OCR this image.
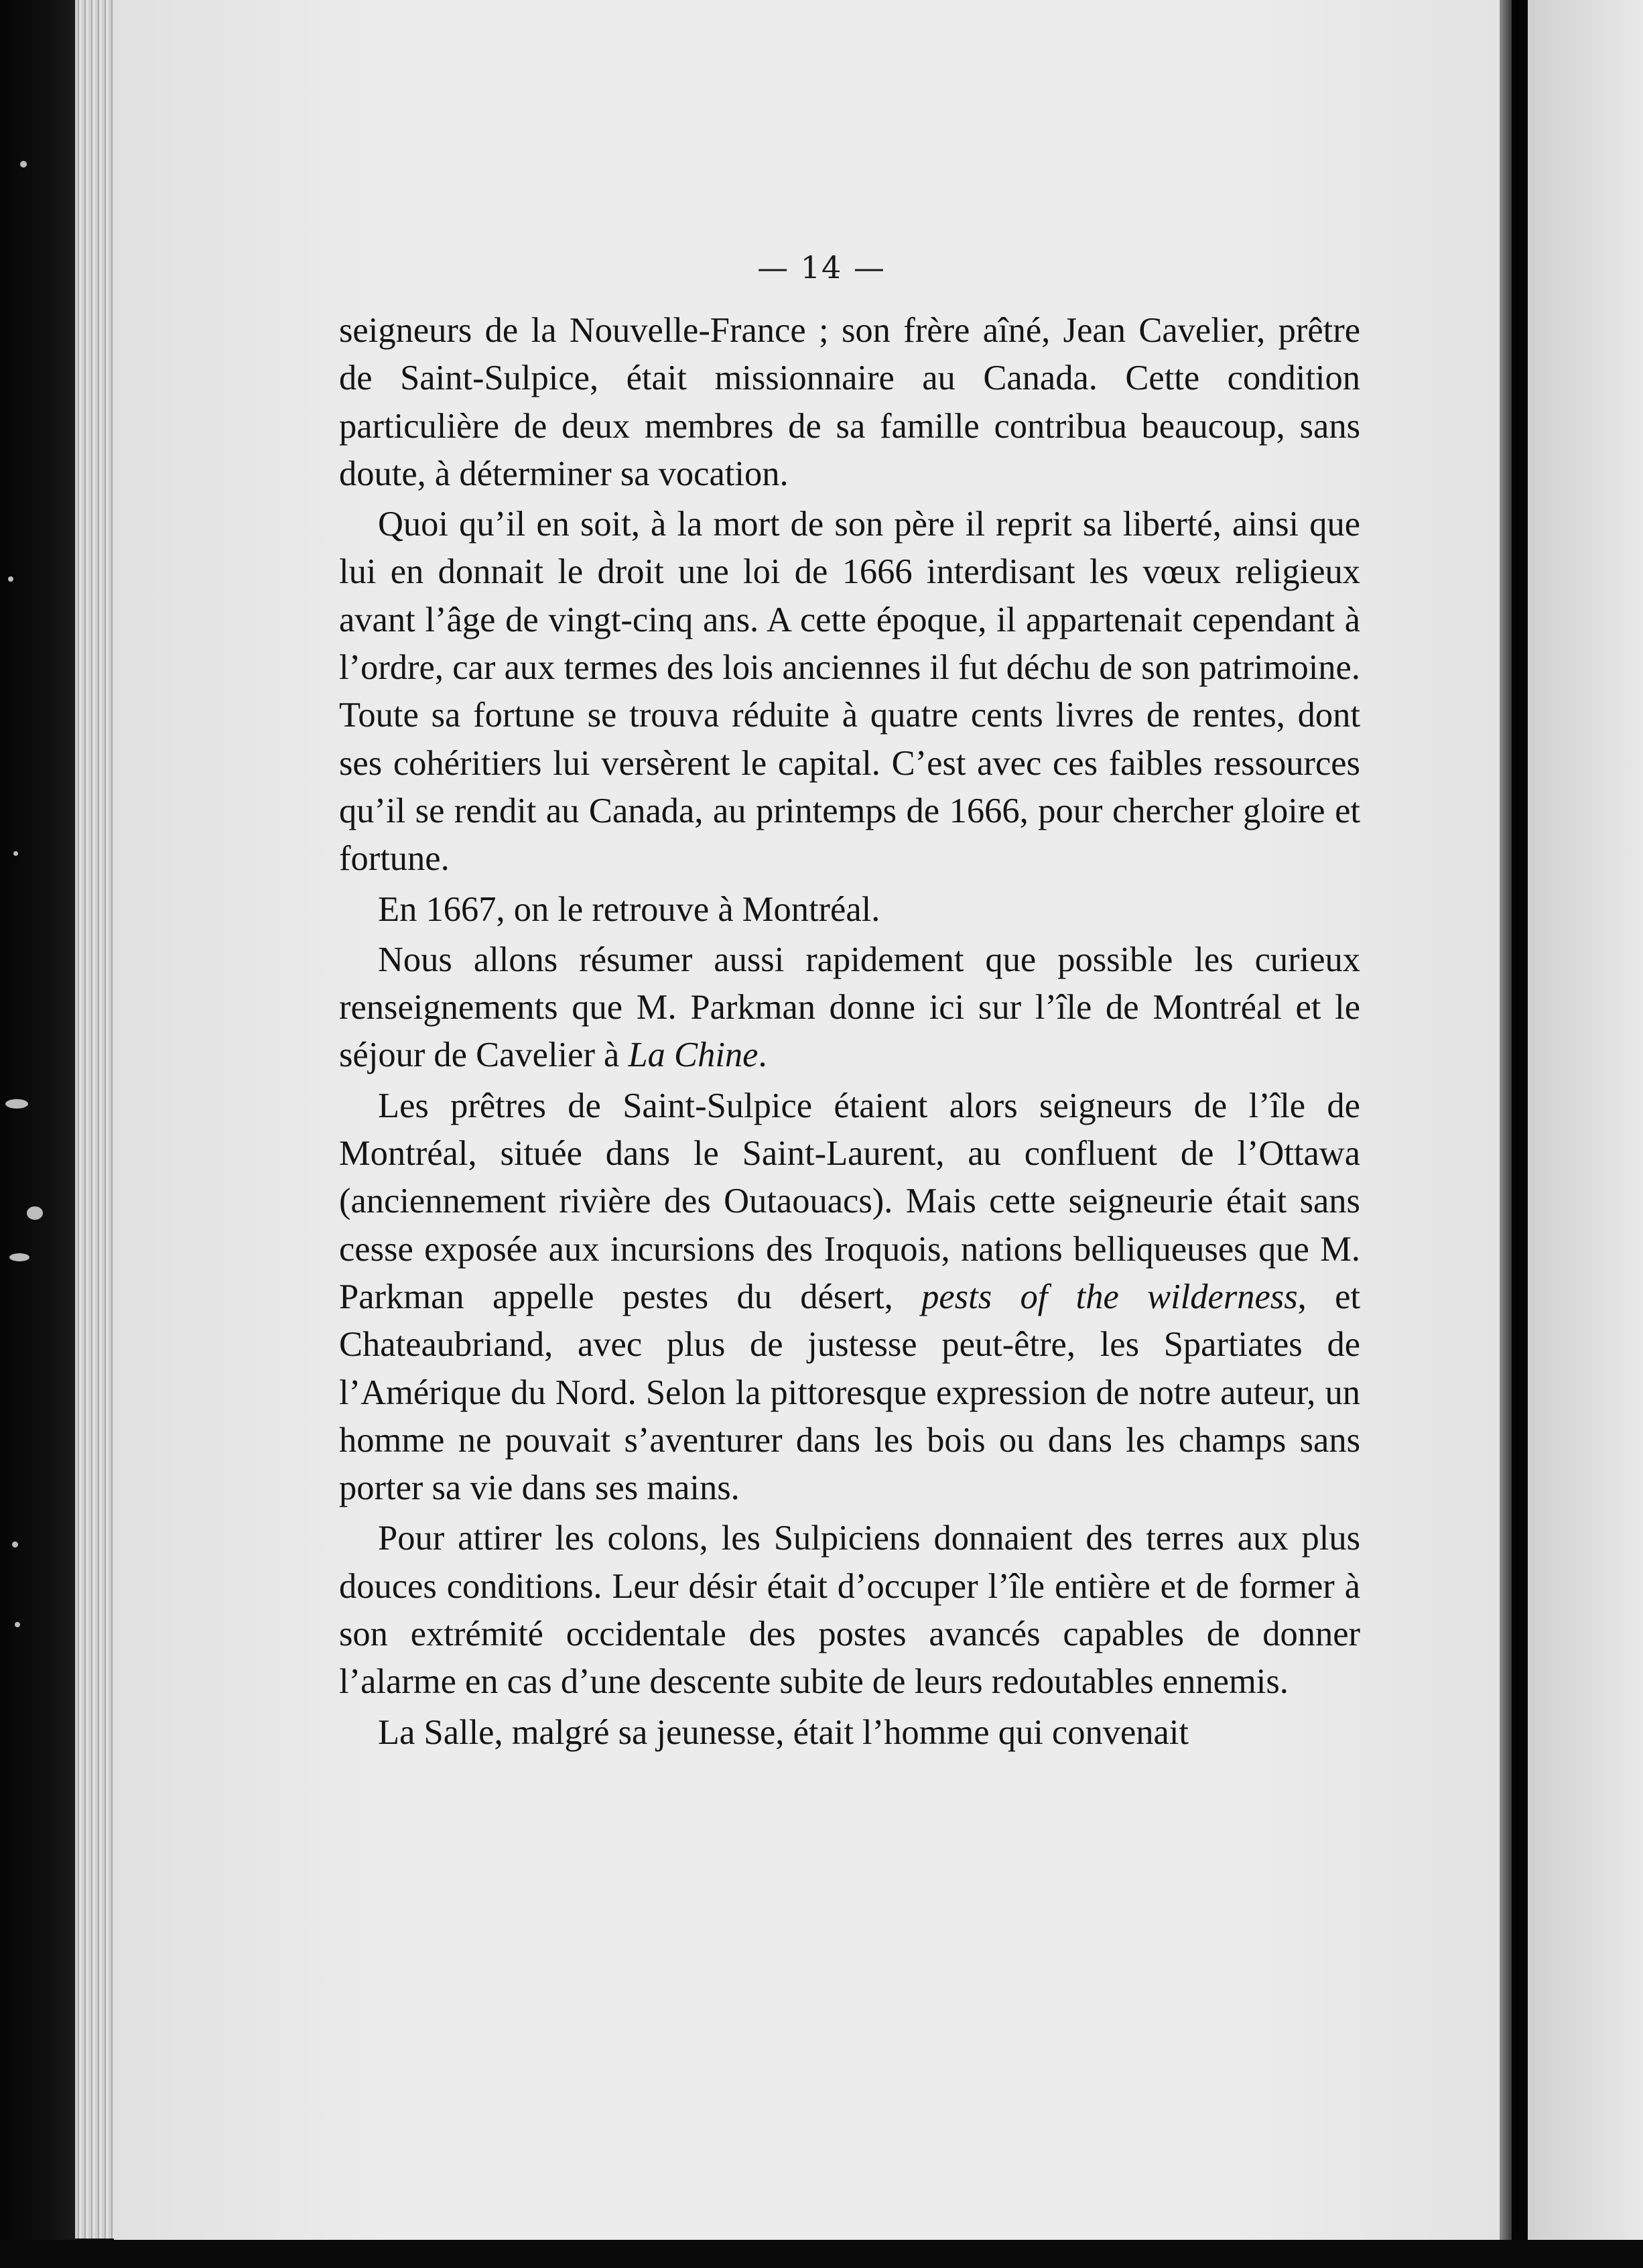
— 14 —

seigneurs de la Nouvelle-France ; son frère aîné, Jean Cavelier, prêtre de Saint-Sulpice, était missionnaire au Canada. Cette condition particulière de deux membres de sa famille contribua beaucoup, sans doute, à déterminer sa vocation.

Quoi qu’il en soit, à la mort de son père il reprit sa liberté, ainsi que lui en donnait le droit une loi de 1666 interdisant les vœux religieux avant l’âge de vingt-cinq ans. A cette époque, il appartenait cependant à l’ordre, car aux termes des lois anciennes il fut déchu de son patrimoine. Toute sa fortune se trouva réduite à quatre cents livres de rentes, dont ses cohéritiers lui versèrent le capital. C’est avec ces faibles ressources qu’il se rendit au Canada, au printemps de 1666, pour chercher gloire et fortune.

En 1667, on le retrouve à Montréal.

Nous allons résumer aussi rapidement que possible les curieux renseignements que M. Parkman donne ici sur l’île de Montréal et le séjour de Cavelier à La Chine.

Les prêtres de Saint-Sulpice étaient alors seigneurs de l’île de Montréal, située dans le Saint-Laurent, au confluent de l’Ottawa (anciennement rivière des Outaouacs). Mais cette seigneurie était sans cesse exposée aux incursions des Iroquois, nations belliqueuses que M. Parkman appelle pestes du désert, pests of the wilderness, et Chateaubriand, avec plus de justesse peut-être, les Spartiates de l’Amérique du Nord. Selon la pittoresque expression de notre auteur, un homme ne pouvait s’aventurer dans les bois ou dans les champs sans porter sa vie dans ses mains.

Pour attirer les colons, les Sulpiciens donnaient des terres aux plus douces conditions. Leur désir était d’occuper l’île entière et de former à son extrémité occidentale des postes avancés capables de donner l’alarme en cas d’une descente subite de leurs redoutables ennemis.

La Salle, malgré sa jeunesse, était l’homme qui convenait
